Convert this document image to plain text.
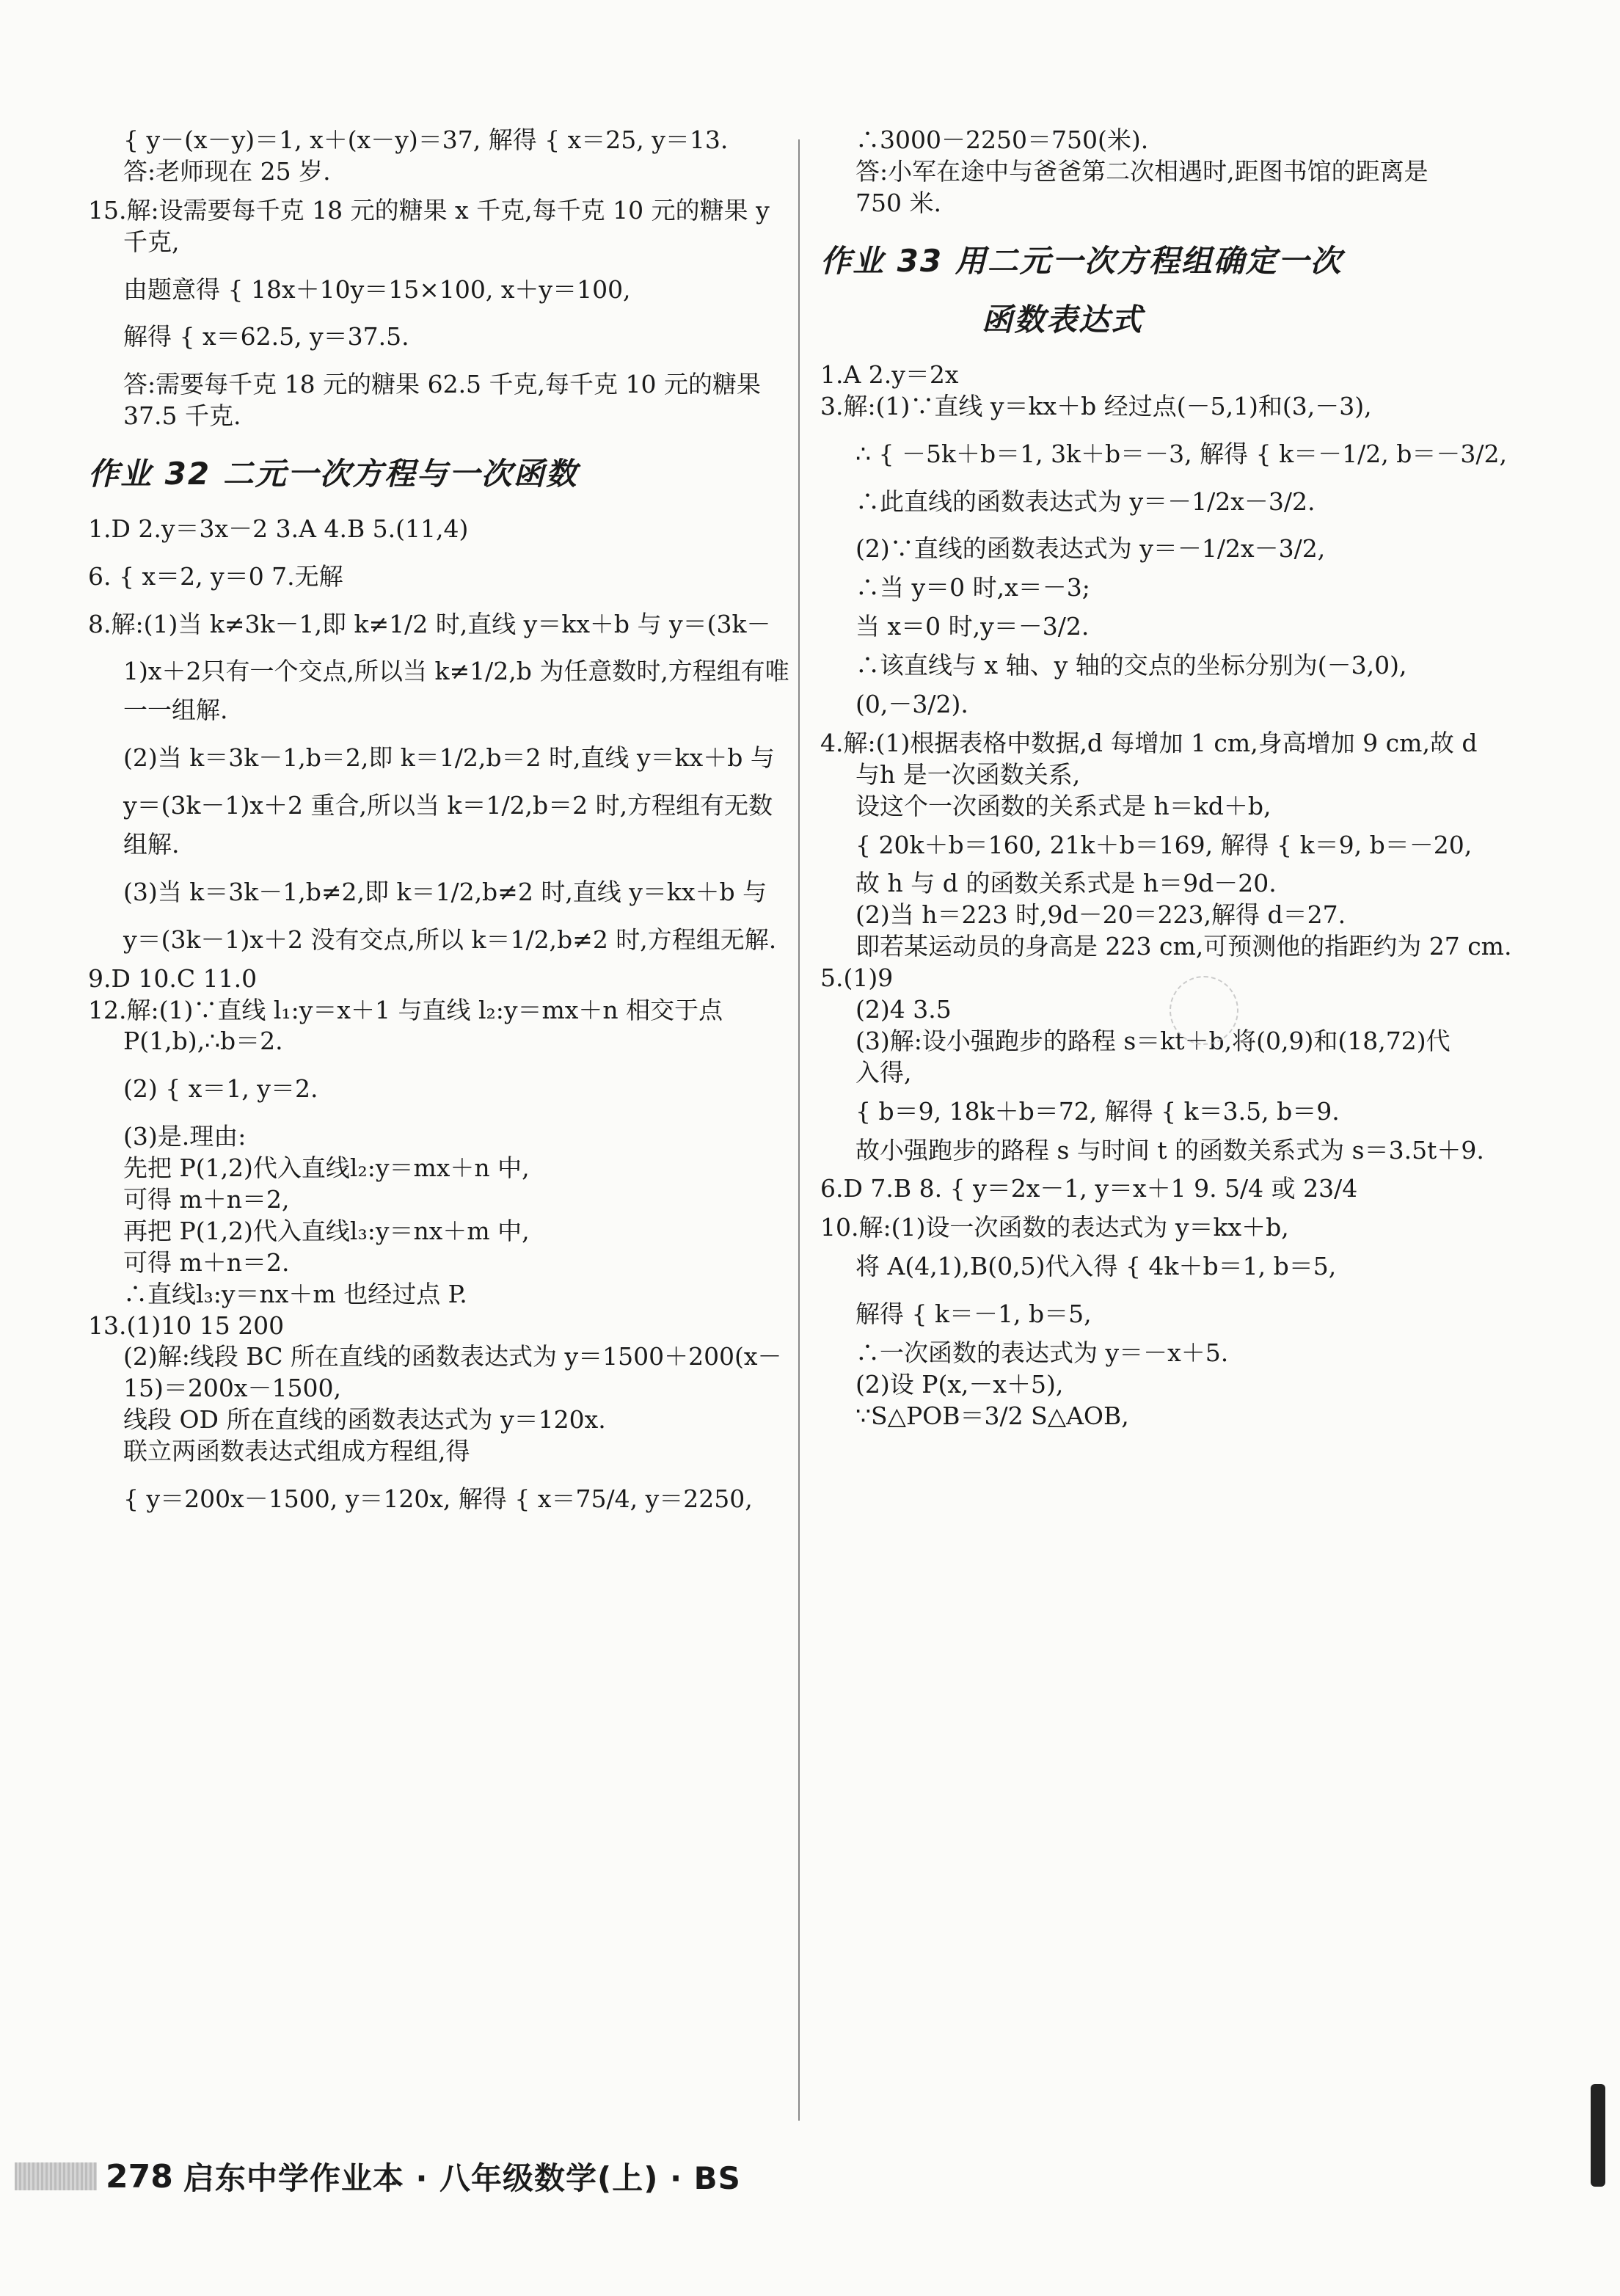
{ y－(x－y)＝1, x＋(x－y)＝37, 解得 { x＝25, y＝13.

答:老师现在 25 岁.

15.解:设需要每千克 18 元的糖果 x 千克,每千克 10 元的糖果 y

千克,

由题意得 { 18x＋10y＝15×100, x＋y＝100,

解得 { x＝62.5, y＝37.5.

答:需要每千克 18 元的糖果 62.5 千克,每千克 10 元的糖果

37.5 千克.

作业 32 二元一次方程与一次函数

1.D 2.y＝3x－2 3.A 4.B 5.(11,4)

6. { x＝2, y＝0 7.无解

8.解:(1)当 k≠3k－1,即 k≠1/2 时,直线 y＝kx＋b 与 y＝(3k－

1)x＋2只有一个交点,所以当 k≠1/2,b 为任意数时,方程组有唯

一一组解.

(2)当 k＝3k－1,b＝2,即 k＝1/2,b＝2 时,直线 y＝kx＋b 与

y＝(3k－1)x＋2 重合,所以当 k＝1/2,b＝2 时,方程组有无数

组解.

(3)当 k＝3k－1,b≠2,即 k＝1/2,b≠2 时,直线 y＝kx＋b 与

y＝(3k－1)x＋2 没有交点,所以 k＝1/2,b≠2 时,方程组无解.

9.D 10.C 11.0

12.解:(1)∵直线 l₁:y＝x＋1 与直线 l₂:y＝mx＋n 相交于点

P(1,b),∴b＝2.

(2) { x＝1, y＝2.

(3)是.理由:

先把 P(1,2)代入直线l₂:y＝mx＋n 中,

可得 m＋n＝2,

再把 P(1,2)代入直线l₃:y＝nx＋m 中,

可得 m＋n＝2.

∴直线l₃:y＝nx＋m 也经过点 P.

13.(1)10 15 200

(2)解:线段 BC 所在直线的函数表达式为 y＝1500＋200(x－

15)＝200x－1500,

线段 OD 所在直线的函数表达式为 y＝120x.

联立两函数表达式组成方程组,得

{ y＝200x－1500, y＝120x, 解得 { x＝75/4, y＝2250,

∴3000－2250＝750(米).

答:小军在途中与爸爸第二次相遇时,距图书馆的距离是

750 米.

作业 33 用二元一次方程组确定一次
函数表达式

1.A 2.y＝2x

3.解:(1)∵直线 y＝kx＋b 经过点(－5,1)和(3,－3),

∴ { －5k＋b＝1, 3k＋b＝－3, 解得 { k＝－1/2, b＝－3/2,

∴此直线的函数表达式为 y＝－1/2x－3/2.

(2)∵直线的函数表达式为 y＝－1/2x－3/2,

∴当 y＝0 时,x＝－3;

当 x＝0 时,y＝－3/2.

∴该直线与 x 轴、y 轴的交点的坐标分别为(－3,0),

(0,－3/2).

4.解:(1)根据表格中数据,d 每增加 1 cm,身高增加 9 cm,故 d

与h 是一次函数关系,

设这个一次函数的关系式是 h＝kd＋b,

{ 20k＋b＝160, 21k＋b＝169, 解得 { k＝9, b＝－20,

故 h 与 d 的函数关系式是 h＝9d－20.

(2)当 h＝223 时,9d－20＝223,解得 d＝27.

即若某运动员的身高是 223 cm,可预测他的指距约为 27 cm.

5.(1)9

(2)4 3.5

(3)解:设小强跑步的路程 s＝kt＋b,将(0,9)和(18,72)代

入得,

{ b＝9, 18k＋b＝72, 解得 { k＝3.5, b＝9.

故小强跑步的路程 s 与时间 t 的函数关系式为 s＝3.5t＋9.

6.D 7.B 8. { y＝2x－1, y＝x＋1 9. 5/4 或 23/4

10.解:(1)设一次函数的表达式为 y＝kx＋b,

将 A(4,1),B(0,5)代入得 { 4k＋b＝1, b＝5,

解得 { k＝－1, b＝5,

∴一次函数的表达式为 y＝－x＋5.

(2)设 P(x,－x＋5),

∵S△POB＝3/2 S△AOB,

278 启东中学作业本 · 八年级数学(上) · BS
